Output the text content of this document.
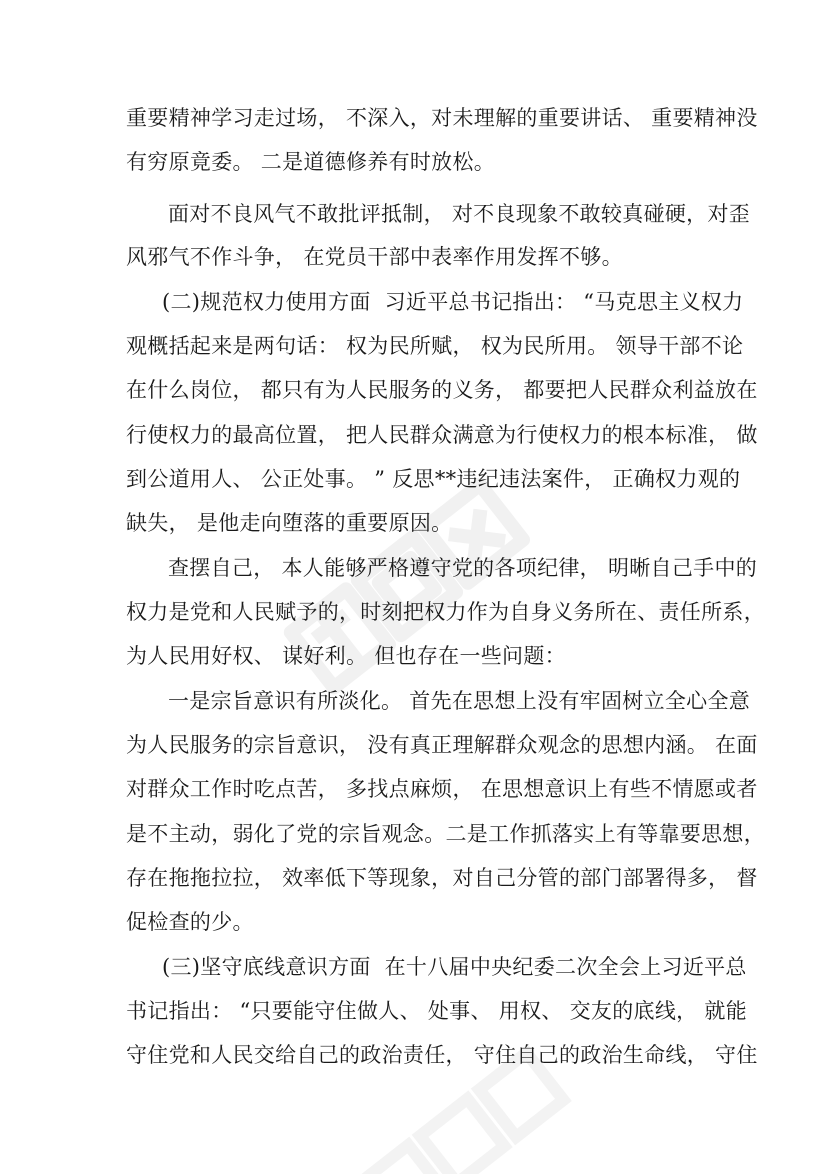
重要精神学习走过场， 不深入，对未理解的重要讲话、 重要精神没
有穷原竟委。 二是道德修养有时放松。
面对不良风气不敢批评抵制， 对不良现象不敢较真碰硬，对歪
风邪气不作斗争， 在党员干部中表率作用发挥不够。
(二)规范权力使用方面  习近平总书记指出： “马克思主义权力
观概括起来是两句话： 权为民所赋， 权为民所用。 领导干部不论
在什么岗位， 都只有为人民服务的义务， 都要把人民群众利益放在
行使权力的最高位置， 把人民群众满意为行使权力的根本标准， 做
到公道用人、 公正处事。 ” 反思**违纪违法案件， 正确权力观的
缺失， 是他走向堕落的重要原因。
查摆自己， 本人能够严格遵守党的各项纪律， 明晰自己手中的
权力是党和人民赋予的，时刻把权力作为自身义务所在、责任所系，
为人民用好权、 谋好利。 但也存在一些问题：
一是宗旨意识有所淡化。 首先在思想上没有牢固树立全心全意
为人民服务的宗旨意识， 没有真正理解群众观念的思想内涵。 在面
对群众工作时吃点苦， 多找点麻烦， 在思想意识上有些不情愿或者
是不主动，弱化了党的宗旨观念。二是工作抓落实上有等靠要思想，
存在拖拖拉拉， 效率低下等现象，对自己分管的部门部署得多， 督
促检查的少。
(三)坚守底线意识方面  在十八届中央纪委二次全会上习近平总
书记指出： “只要能守住做人、 处事、 用权、 交友的底线， 就能
守住党和人民交给自己的政治责任， 守住自己的政治生命线， 守住
